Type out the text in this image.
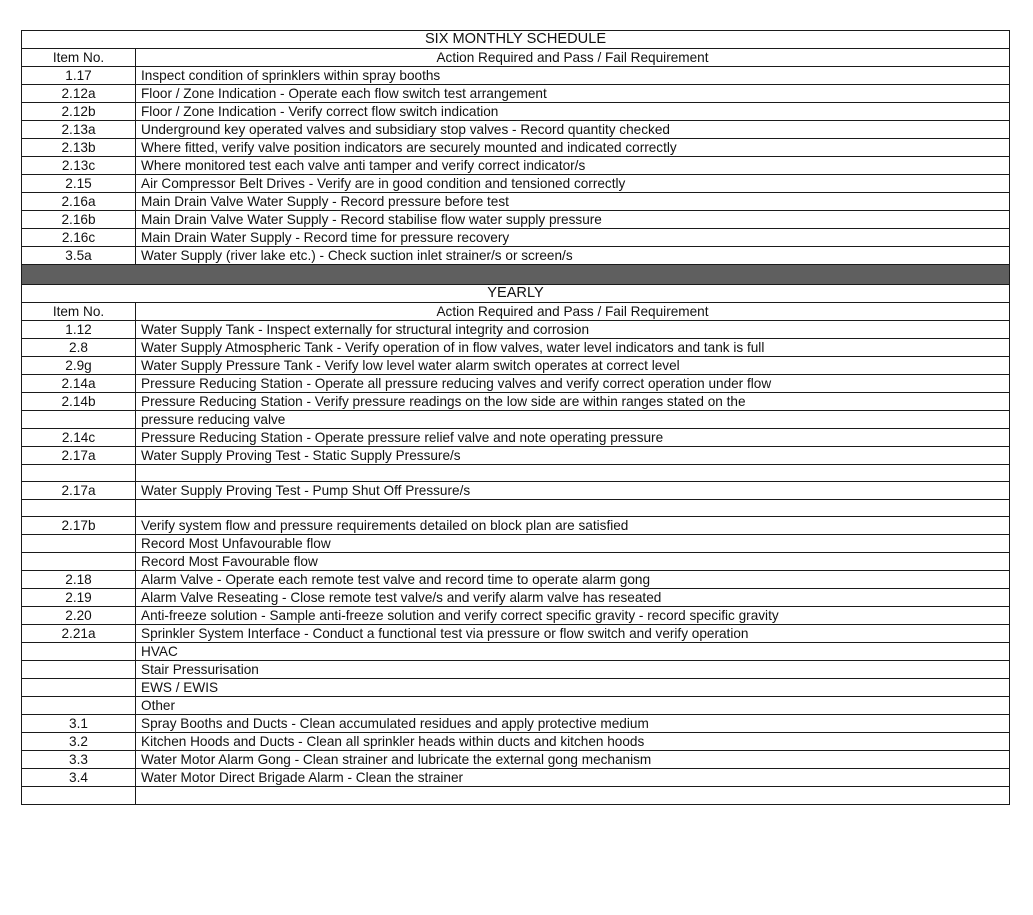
SIX MONTHLY SCHEDULE	
Item No.	Action Required and Pass / Fail Requirement
1.17	Inspect condition of sprinklers within spray booths
2.12a	Floor / Zone Indication - Operate each flow switch test arrangement
2.12b	Floor / Zone Indication - Verify correct flow switch indication
2.13a	Underground key operated valves and subsidiary stop valves - Record quantity checked
2.13b	Where fitted, verify valve position indicators are securely mounted and indicated correctly
2.13c	Where monitored test each valve anti tamper and verify correct indicator/s
2.15	Air Compressor Belt Drives - Verify are in good condition and tensioned correctly
2.16a	Main Drain Valve Water Supply - Record pressure before test
2.16b	Main Drain Valve Water Supply - Record stabilise flow water supply pressure
2.16c	Main Drain Water Supply - Record time for pressure recovery
3.5a	Water Supply (river lake etc.) - Check suction inlet strainer/s or screen/s

YEARLY	
Item No.	Action Required and Pass / Fail Requirement
1.12	Water Supply Tank - Inspect externally for structural integrity and corrosion
2.8	Water Supply Atmospheric Tank - Verify operation of in flow valves, water level indicators and tank is full
2.9g	Water Supply Pressure Tank - Verify low level water alarm switch operates at correct level
2.14a	Pressure Reducing Station - Operate all pressure reducing valves and verify correct operation under flow
2.14b	Pressure Reducing Station - Verify pressure readings on the low side are within ranges stated on the
	pressure reducing valve
2.14c	Pressure Reducing Station - Operate pressure relief valve and note operating pressure
2.17a	Water Supply Proving Test - Static Supply Pressure/s

2.17a	Water Supply Proving Test - Pump Shut Off Pressure/s

2.17b	Verify system flow and pressure requirements detailed on block plan are satisfied
	Record Most Unfavourable flow
	Record Most Favourable flow
2.18	Alarm Valve - Operate each remote test valve and record time to operate alarm gong
2.19	Alarm Valve Reseating - Close remote test valve/s and verify alarm valve has reseated
2.20	Anti-freeze solution - Sample anti-freeze solution and verify correct specific gravity - record specific gravity
2.21a	Sprinkler System Interface - Conduct a functional test via pressure or flow switch and verify operation
	HVAC
	Stair Pressurisation
	EWS / EWIS
	Other
3.1	Spray Booths and Ducts - Clean accumulated residues and apply protective medium
3.2	Kitchen Hoods and Ducts - Clean all sprinkler heads within ducts and kitchen hoods
3.3	Water Motor Alarm Gong - Clean strainer and lubricate the external gong mechanism
3.4	Water Motor Direct Brigade Alarm - Clean the strainer
